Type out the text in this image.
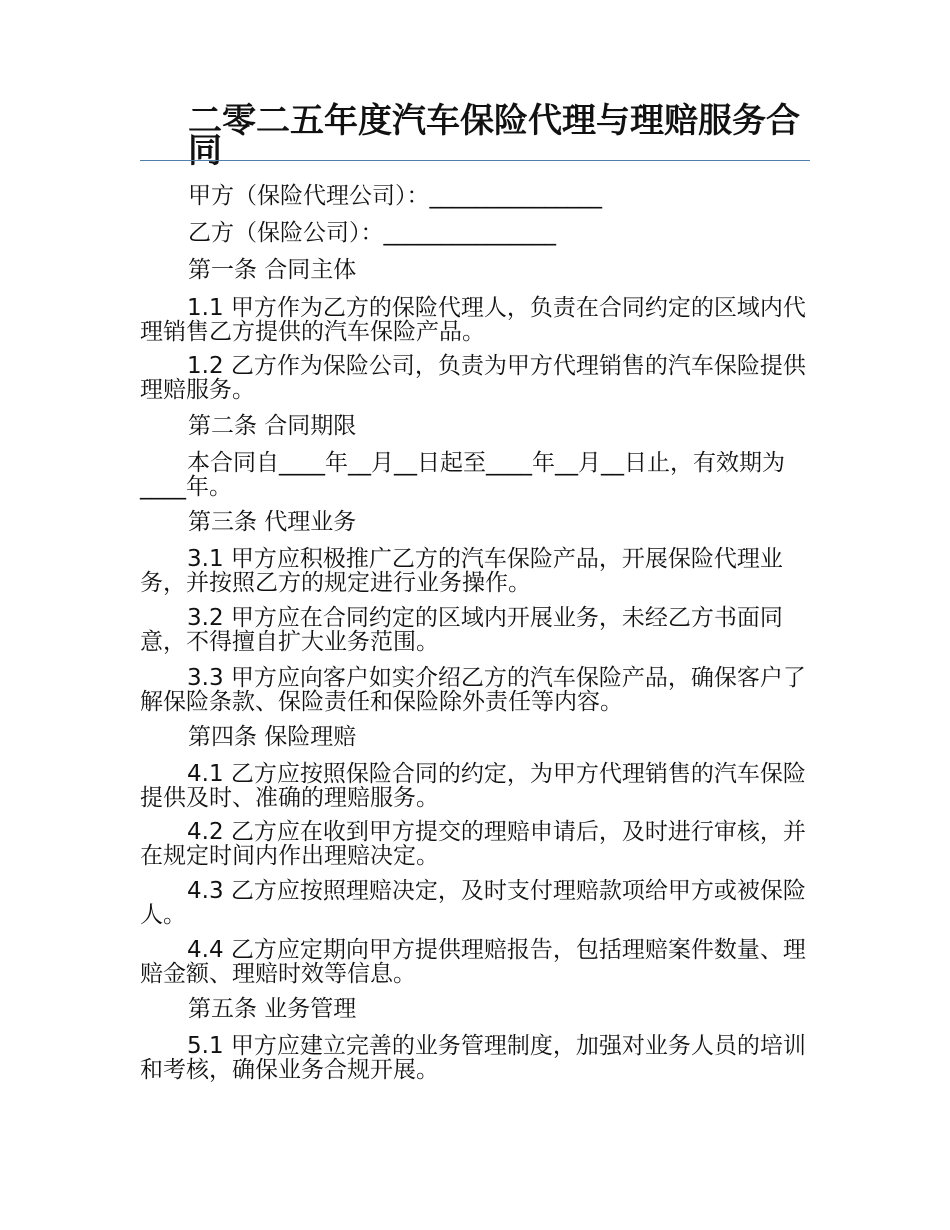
二零二五年度汽车保险代理与理赔服务合同

甲方（保险代理公司）：_______________

乙方（保险公司）：_______________

第一条 合同主体

1.1 甲方作为乙方的保险代理人，负责在合同约定的区域内代理销售乙方提供的汽车保险产品。

1.2 乙方作为保险公司，负责为甲方代理销售的汽车保险提供理赔服务。

第二条 合同期限

本合同自____年__月__日起至____年__月__日止，有效期为____年。

第三条 代理业务

3.1 甲方应积极推广乙方的汽车保险产品，开展保险代理业务，并按照乙方的规定进行业务操作。

3.2 甲方应在合同约定的区域内开展业务，未经乙方书面同意，不得擅自扩大业务范围。

3.3 甲方应向客户如实介绍乙方的汽车保险产品，确保客户了解保险条款、保险责任和保险除外责任等内容。

第四条 保险理赔

4.1 乙方应按照保险合同的约定，为甲方代理销售的汽车保险提供及时、准确的理赔服务。

4.2 乙方应在收到甲方提交的理赔申请后，及时进行审核，并在规定时间内作出理赔决定。

4.3 乙方应按照理赔决定，及时支付理赔款项给甲方或被保险人。

4.4 乙方应定期向甲方提供理赔报告，包括理赔案件数量、理赔金额、理赔时效等信息。

第五条 业务管理

5.1 甲方应建立完善的业务管理制度，加强对业务人员的培训和考核，确保业务合规开展。
